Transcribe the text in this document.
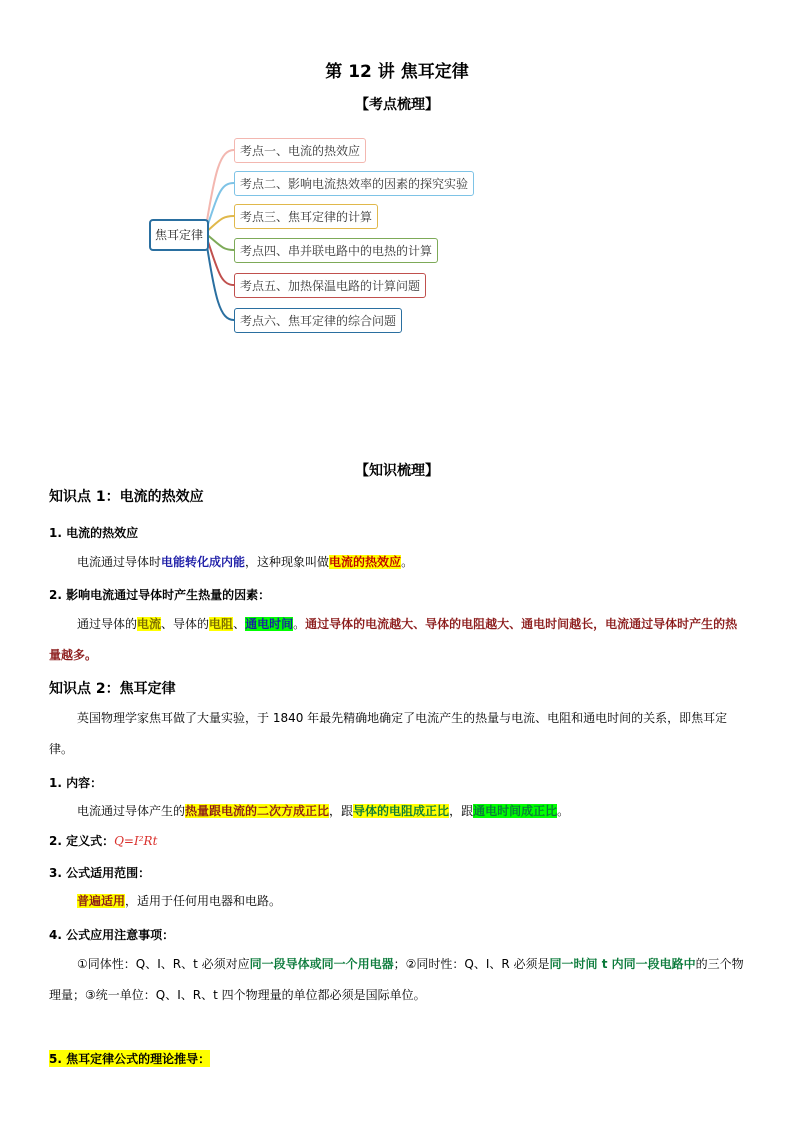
第 12 讲 焦耳定律
【考点梳理】
焦耳定律
考点一、电流的热效应
考点二、影响电流热效率的因素的探究实验
考点三、焦耳定律的计算
考点四、串并联电路中的电热的计算
考点五、加热保温电路的计算问题
考点六、焦耳定律的综合问题
【知识梳理】
知识点 1：电流的热效应
1. 电流的热效应
电流通过导体时电能转化成内能，这种现象叫做电流的热效应。
2. 影响电流通过导体时产生热量的因素：
通过导体的电流、导体的电阻、通电时间。通过导体的电流越大、导体的电阻越大、通电时间越长，电流通过导体时产生的热量越多。
知识点 2：焦耳定律
英国物理学家焦耳做了大量实验，于 1840 年最先精确地确定了电流产生的热量与电流、电阻和通电时间的关系，即焦耳定律。
1. 内容：
电流通过导体产生的热量跟电流的二次方成正比，跟导体的电阻成正比，跟通电时间成正比。
2. 定义式：Q=I²Rt
3. 公式适用范围：
普遍适用，适用于任何用电器和电路。
4. 公式应用注意事项：
①同体性：Q、I、R、t 必须对应同一段导体或同一个用电器；②同时性：Q、I、R 必须是同一时间 t 内同一段电路中的三个物理量；③统一单位：Q、I、R、t 四个物理量的单位都必须是国际单位。
5. 焦耳定律公式的理论推导：
